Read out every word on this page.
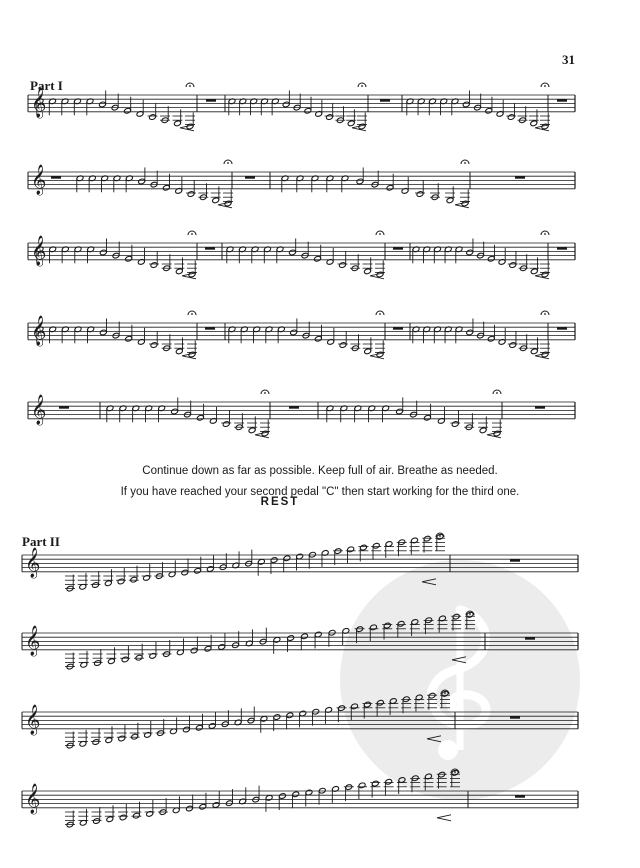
31
Part I
Part II
𝄞
𝄞
𝄞
𝄞
𝄞
𝄞
𝄞
𝄞
𝄞
Continue down as far as possible. Keep full of air. Breathe as needed.
If you have reached your second pedal "C" then start working for the third one.
REST
